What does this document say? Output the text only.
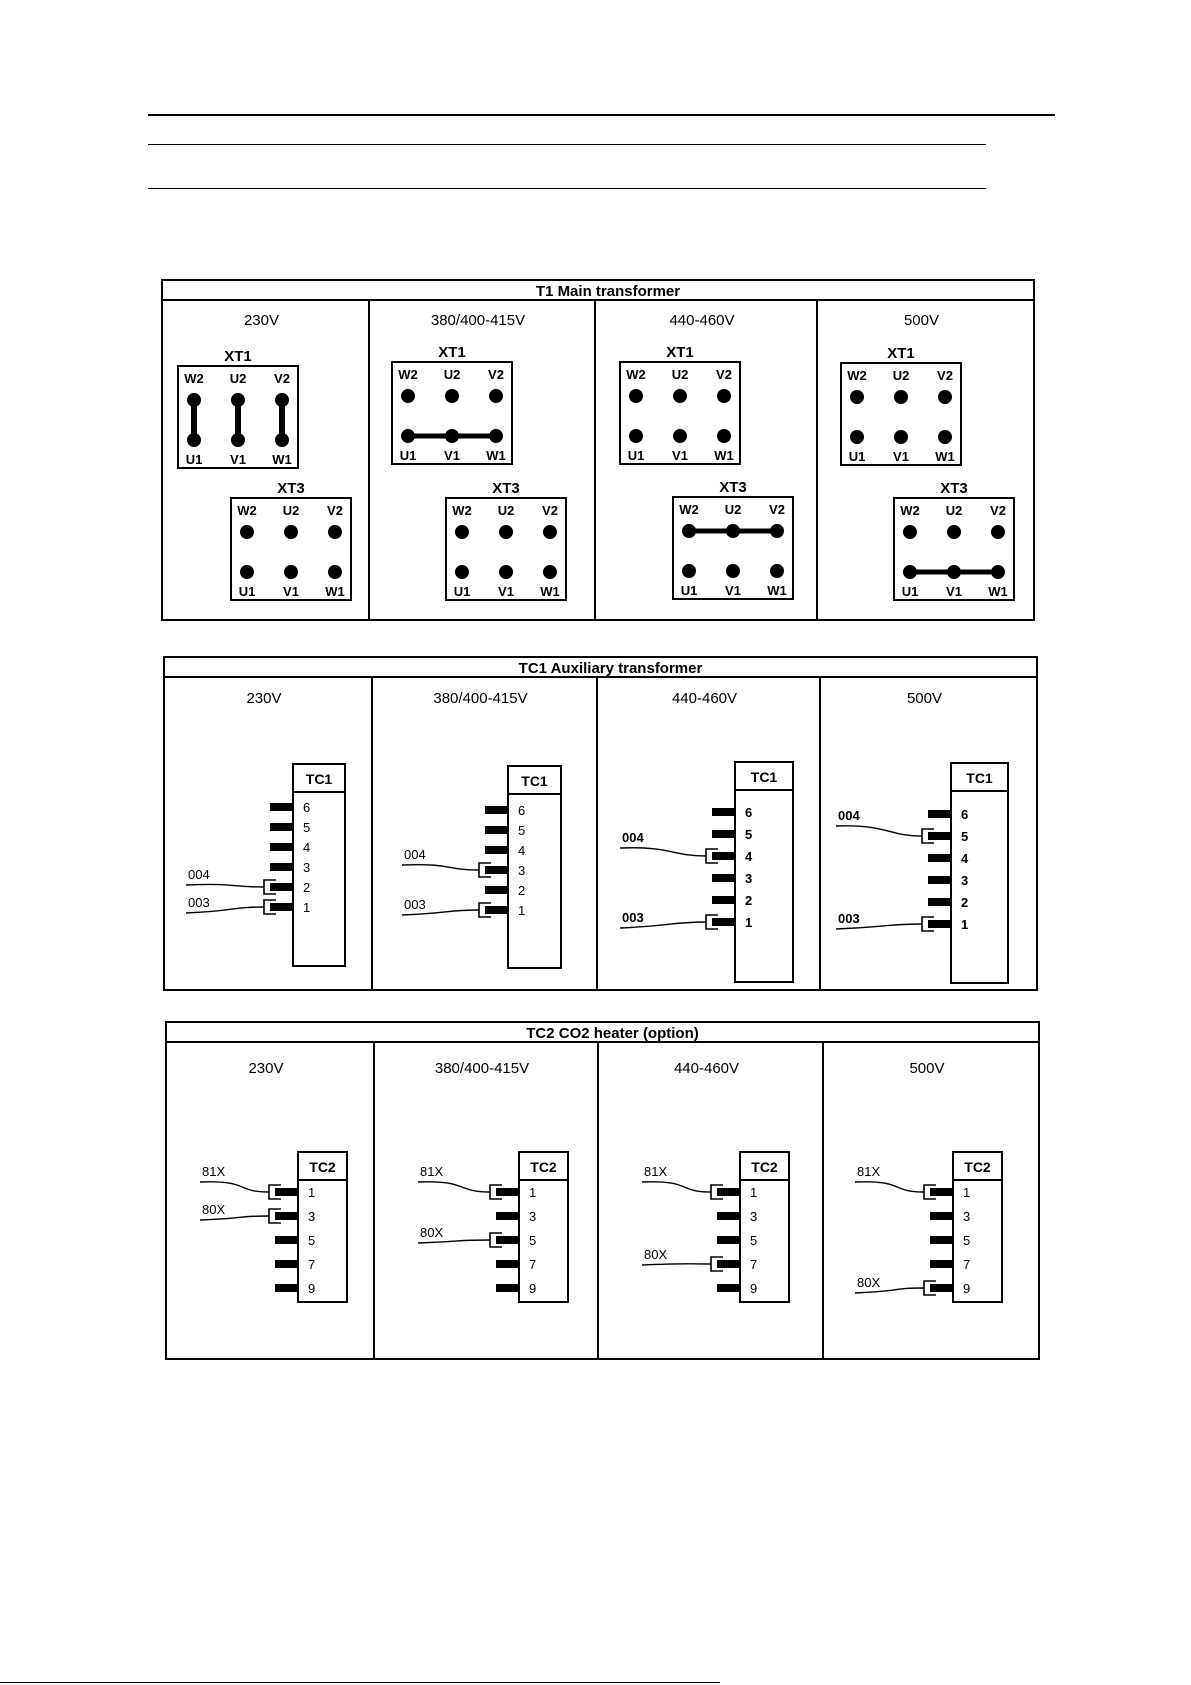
T1 Main transformer
230V	380/400-415V	440-460V	500V
XT1
W2 U2 V2
U1 V1 W1
XT3
W2 U2 V2
U1 V1 W1
XT1
W2 U2 V2
U1 V1 W1
XT3
W2 U2 V2
U1 V1 W1
XT1
W2 U2 V2
U1 V1 W1
XT3
W2 U2 V2
U1 V1 W1
XT1
W2 U2 V2
U1 V1 W1
XT3
W2 U2 V2
U1 V1 W1
TC1 Auxiliary transformer
230V	380/400-415V	440-460V	500V
TC1
6
5
4
3
2
1
004
003
TC1
6
5
4
3
2
1
004
003
TC1
6
5
4
3
2
1
004
003
TC1
6
5
4
3
2
1
004
003
TC2 CO2 heater (option)
230V	380/400-415V	440-460V	500V
TC2
1
3
5
7
9
81X
80X
TC2
1
3
5
7
9
81X
80X
TC2
1
3
5
7
9
81X
80X
TC2
1
3
5
7
9
81X
80X
